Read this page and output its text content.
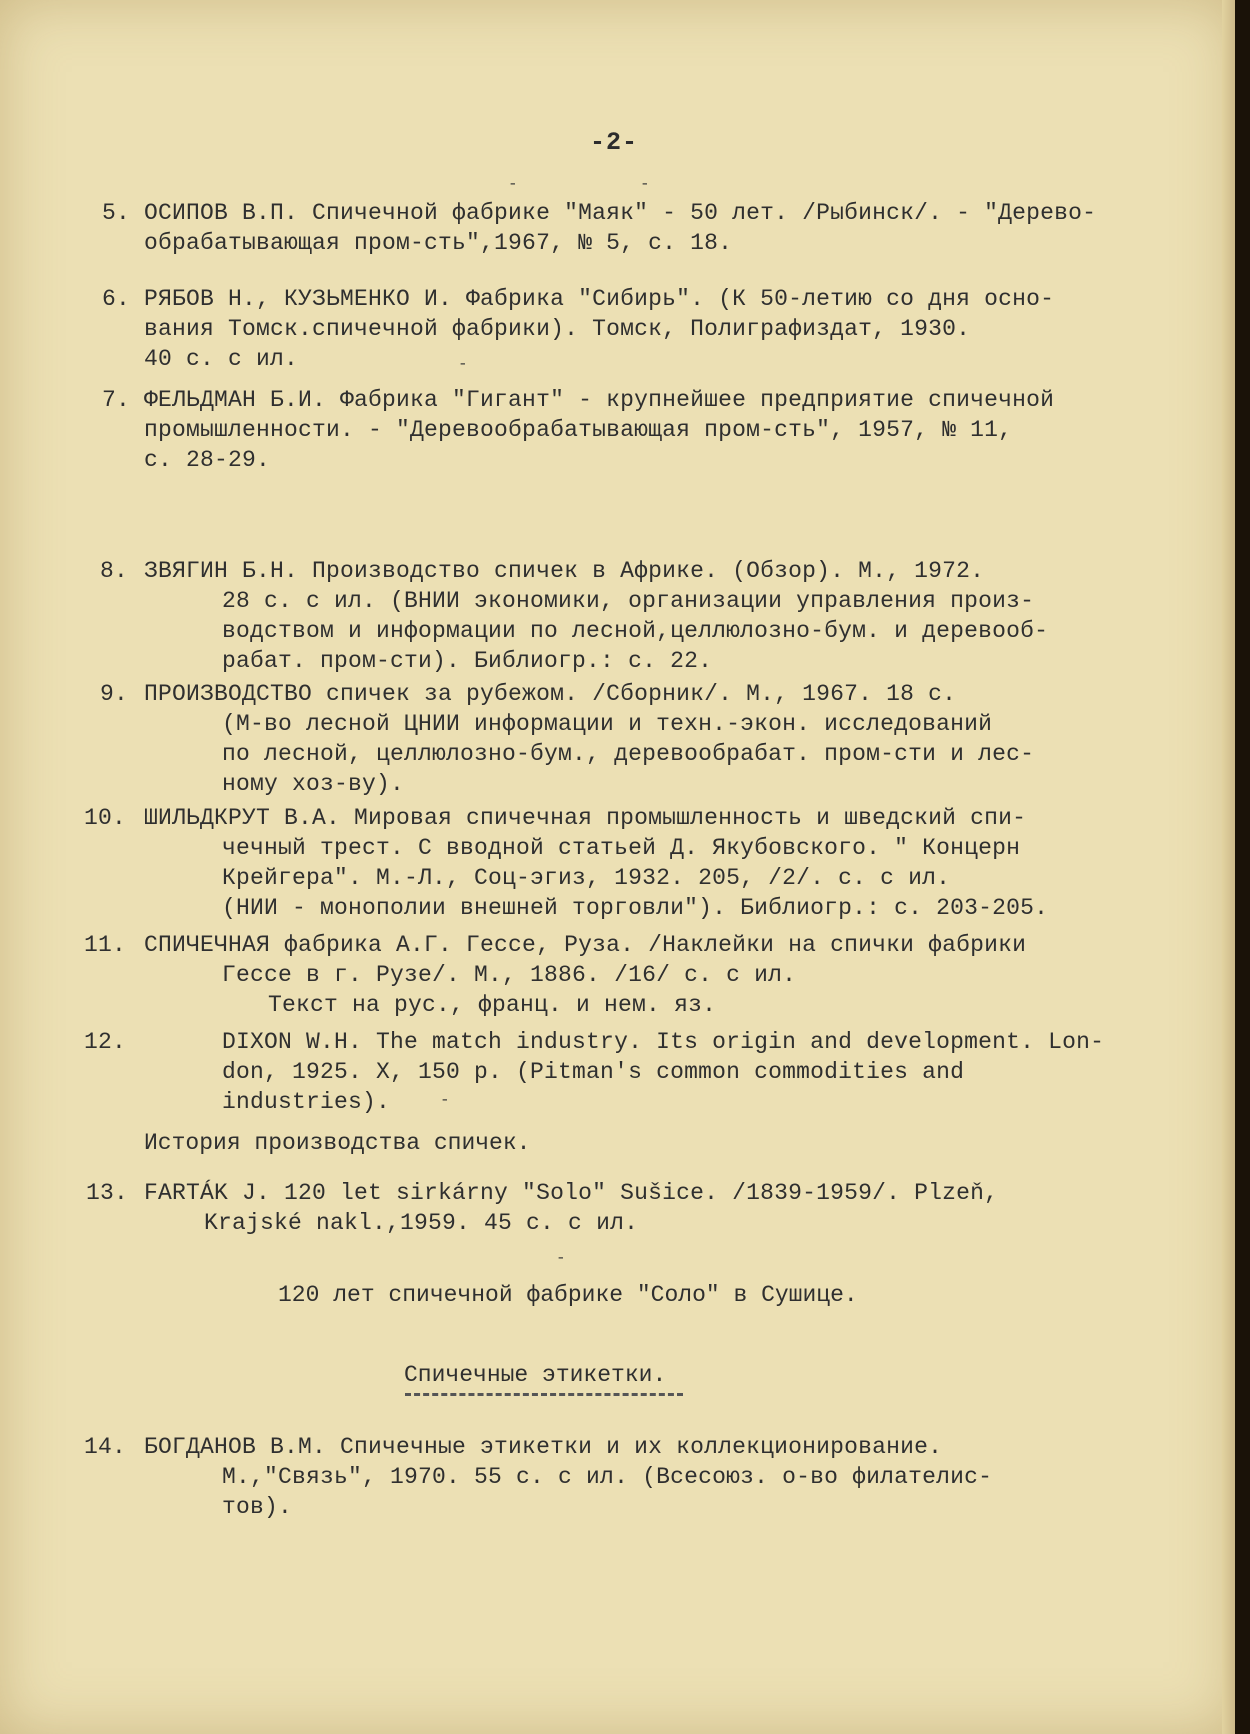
-2-
5. ОСИПОВ В.П. Спичечной фабрике "Маяк" - 50 лет. /Рыбинск/. - "Дерево-
обрабатывающая пром-сть",1967, № 5, с. 18.
6. РЯБОВ Н., КУЗЬМЕНКО И. Фабрика "Сибирь". (К 50-летию со дня осно-
вания Томск.спичечной фабрики). Томск, Полиграфиздат, 1930.
40 с. с ил.
7. ФЕЛЬДМАН Б.И. Фабрика "Гигант" - крупнейшее предприятие спичечной
промышленности. - "Деревообрабатывающая пром-сть", 1957, № 11,
с. 28-29.
8. ЗВЯГИН Б.Н. Производство спичек в Африке. (Обзор). М., 1972.
28 с. с ил. (ВНИИ экономики, организации управления произ-
водством и информации по лесной,целлюлозно-бум. и деревооб-
рабат. пром-сти). Библиогр.: с. 22.
9. ПРОИЗВОДСТВО спичек за рубежом. /Сборник/. М., 1967. 18 с.
(М-во лесной ЦНИИ информации и техн.-экон. исследований
по лесной, целлюлозно-бум., деревообрабат. пром-сти и лес-
ному хоз-ву).
10. ШИЛЬДКРУТ В.А. Мировая спичечная промышленность и шведский спи-
чечный трест. С вводной статьей Д. Якубовского. " Концерн
Крейгера". М.-Л., Соц-эгиз, 1932. 205, /2/. с. с ил.
(НИИ - монополии внешней торговли"). Библиогр.: с. 203-205.
11. СПИЧЕЧНАЯ фабрика А.Г. Гессе, Руза. /Наклейки на спички фабрики
Гессе в г. Рузе/. М., 1886. /16/ с. с ил.
Текст на рус., франц. и нем. яз.
12.	DIXON W.H. The match industry. Its origin and development. Lon-
don, 1925. X, 150 p. (Pitman's common commodities and
industries).
История производства спичек.
13. FARTÁK J. 120 let sirkárny "Solo" Sušice. /1839-1959/. Plzeň,
Krajské nakl.,1959. 45 c. c ил.
120 лет спичечной фабрике "Соло" в Сушице.
Спичечные этикетки.
14. БОГДАНОВ В.М. Спичечные этикетки и их коллекционирование.
М.,"Связь", 1970. 55 с. с ил. (Всесоюз. о-во филателис-
тов).
-	-
-
-
-
